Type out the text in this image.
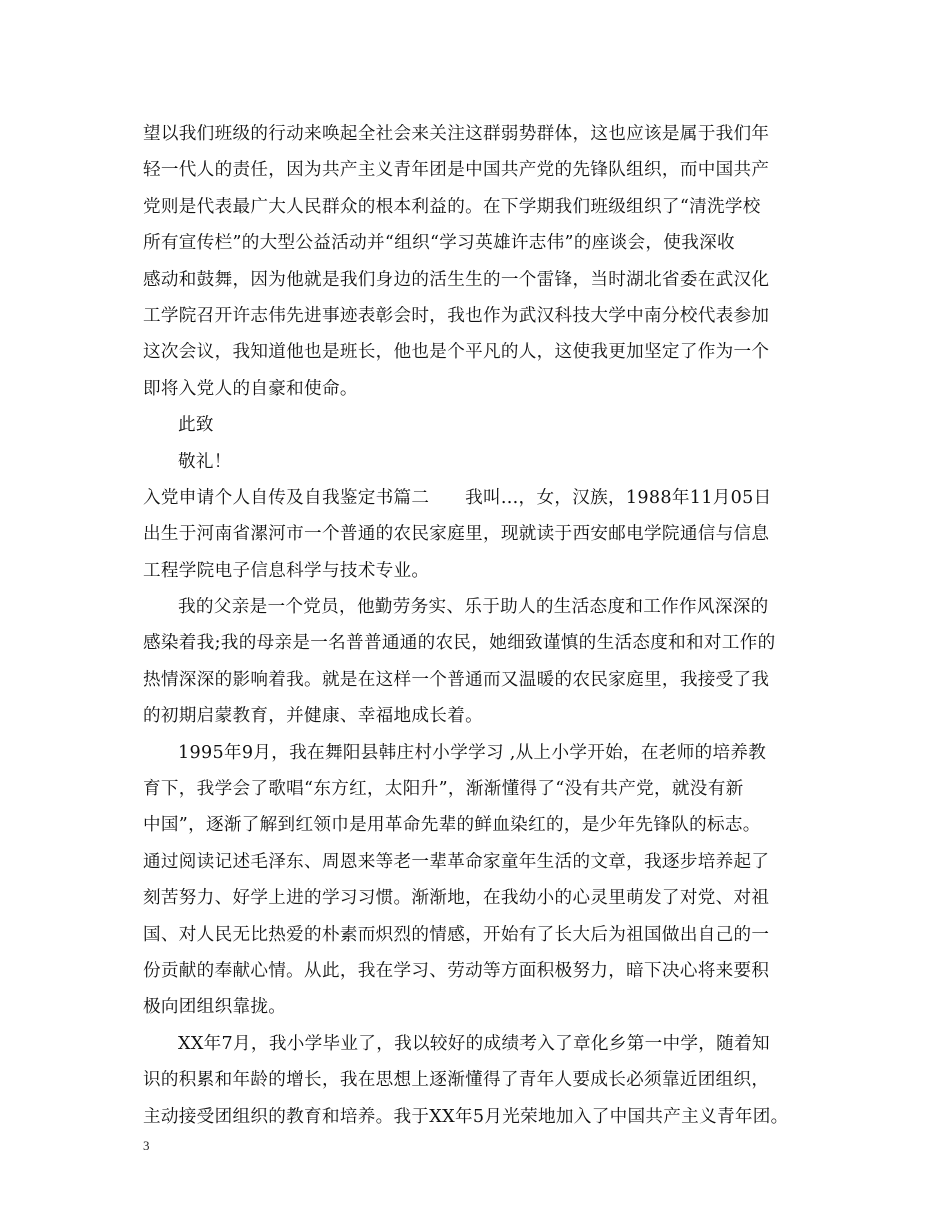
望以我们班级的行动来唤起全社会来关注这群弱势群体，这也应该是属于我们年
轻一代人的责任，因为共产主义青年团是中国共产党的先锋队组织，而中国共产
党则是代表最广大人民群众的根本利益的。在下学期我们班级组织了“清洗学校
所有宣传栏”的大型公益活动并“组织“学习英雄许志伟”的座谈会，使我深收
感动和鼓舞，因为他就是我们身边的活生生的一个雷锋，当时湖北省委在武汉化
工学院召开许志伟先进事迹表彰会时，我也作为武汉科技大学中南分校代表参加
这次会议，我知道他也是班长，他也是个平凡的人，这使我更加坚定了作为一个
即将入党人的自豪和使命。
此致
敬礼！
入党申请个人自传及自我鉴定书篇二　　我叫...，女，汉族，1988年11月05日
出生于河南省漯河市一个普通的农民家庭里，现就读于西安邮电学院通信与信息
工程学院电子信息科学与技术专业。
我的父亲是一个党员，他勤劳务实、乐于助人的生活态度和工作作风深深的
感染着我;我的母亲是一名普普通通的农民，她细致谨慎的生活态度和和对工作的
热情深深的影响着我。就是在这样一个普通而又温暖的农民家庭里，我接受了我
的初期启蒙教育，并健康、幸福地成长着。
1995年9月，我在舞阳县韩庄村小学学习 ,从上小学开始，在老师的培养教
育下，我学会了歌唱“东方红，太阳升”，渐渐懂得了“没有共产党，就没有新
中国”，逐渐了解到红领巾是用革命先辈的鲜血染红的，是少年先锋队的标志。
通过阅读记述毛泽东、周恩来等老一辈革命家童年生活的文章，我逐步培养起了
刻苦努力、好学上进的学习习惯。渐渐地，在我幼小的心灵里萌发了对党、对祖
国、对人民无比热爱的朴素而炽烈的情感，开始有了长大后为祖国做出自己的一
份贡献的奉献心情。从此，我在学习、劳动等方面积极努力，暗下决心将来要积
极向团组织靠拢。
XX年7月，我小学毕业了，我以较好的成绩考入了章化乡第一中学，随着知
识的积累和年龄的增长，我在思想上逐渐懂得了青年人要成长必须靠近团组织，
主动接受团组织的教育和培养。我于XX年5月光荣地加入了中国共产主义青年团。
3
